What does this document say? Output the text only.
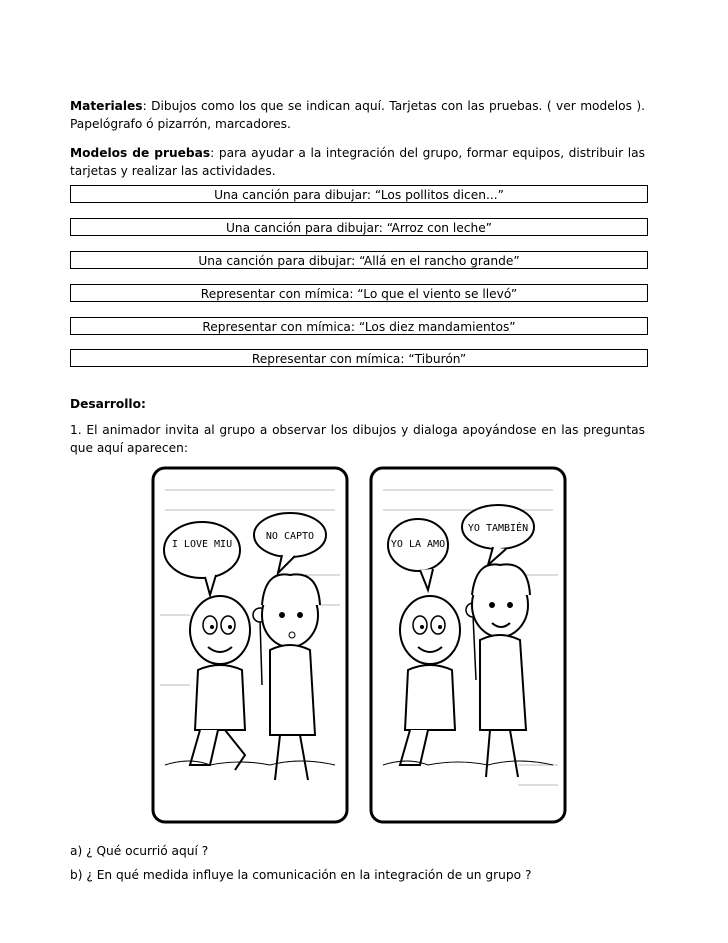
Materiales: Dibujos como los que se indican aquí. Tarjetas con las pruebas. ( ver modelos ). Papelógrafo ó pizarrón, marcadores.
Modelos de pruebas: para ayudar a la integración del grupo, formar equipos, distribuir las tarjetas y realizar las actividades.
Una canción para dibujar: “Los pollitos dicen...”
Una canción para dibujar: “Arroz con leche”
Una canción para dibujar: “Allá en el rancho grande”
Representar con mímica: “Lo que el viento se llevó”
Representar con mímica: “Los diez mandamientos”
Representar con mímica: “Tiburón”
Desarrollo:
1. El animador invita al grupo a observar los dibujos y dialoga apoyándose en las preguntas que aquí aparecen:
I LOVE MIU
NO CAPTO
YO LA AMO
YO TAMBIÉN
a) ¿ Qué ocurrió aquí ?
b) ¿ En qué medida influye la comunicación en la integración de un grupo ?
